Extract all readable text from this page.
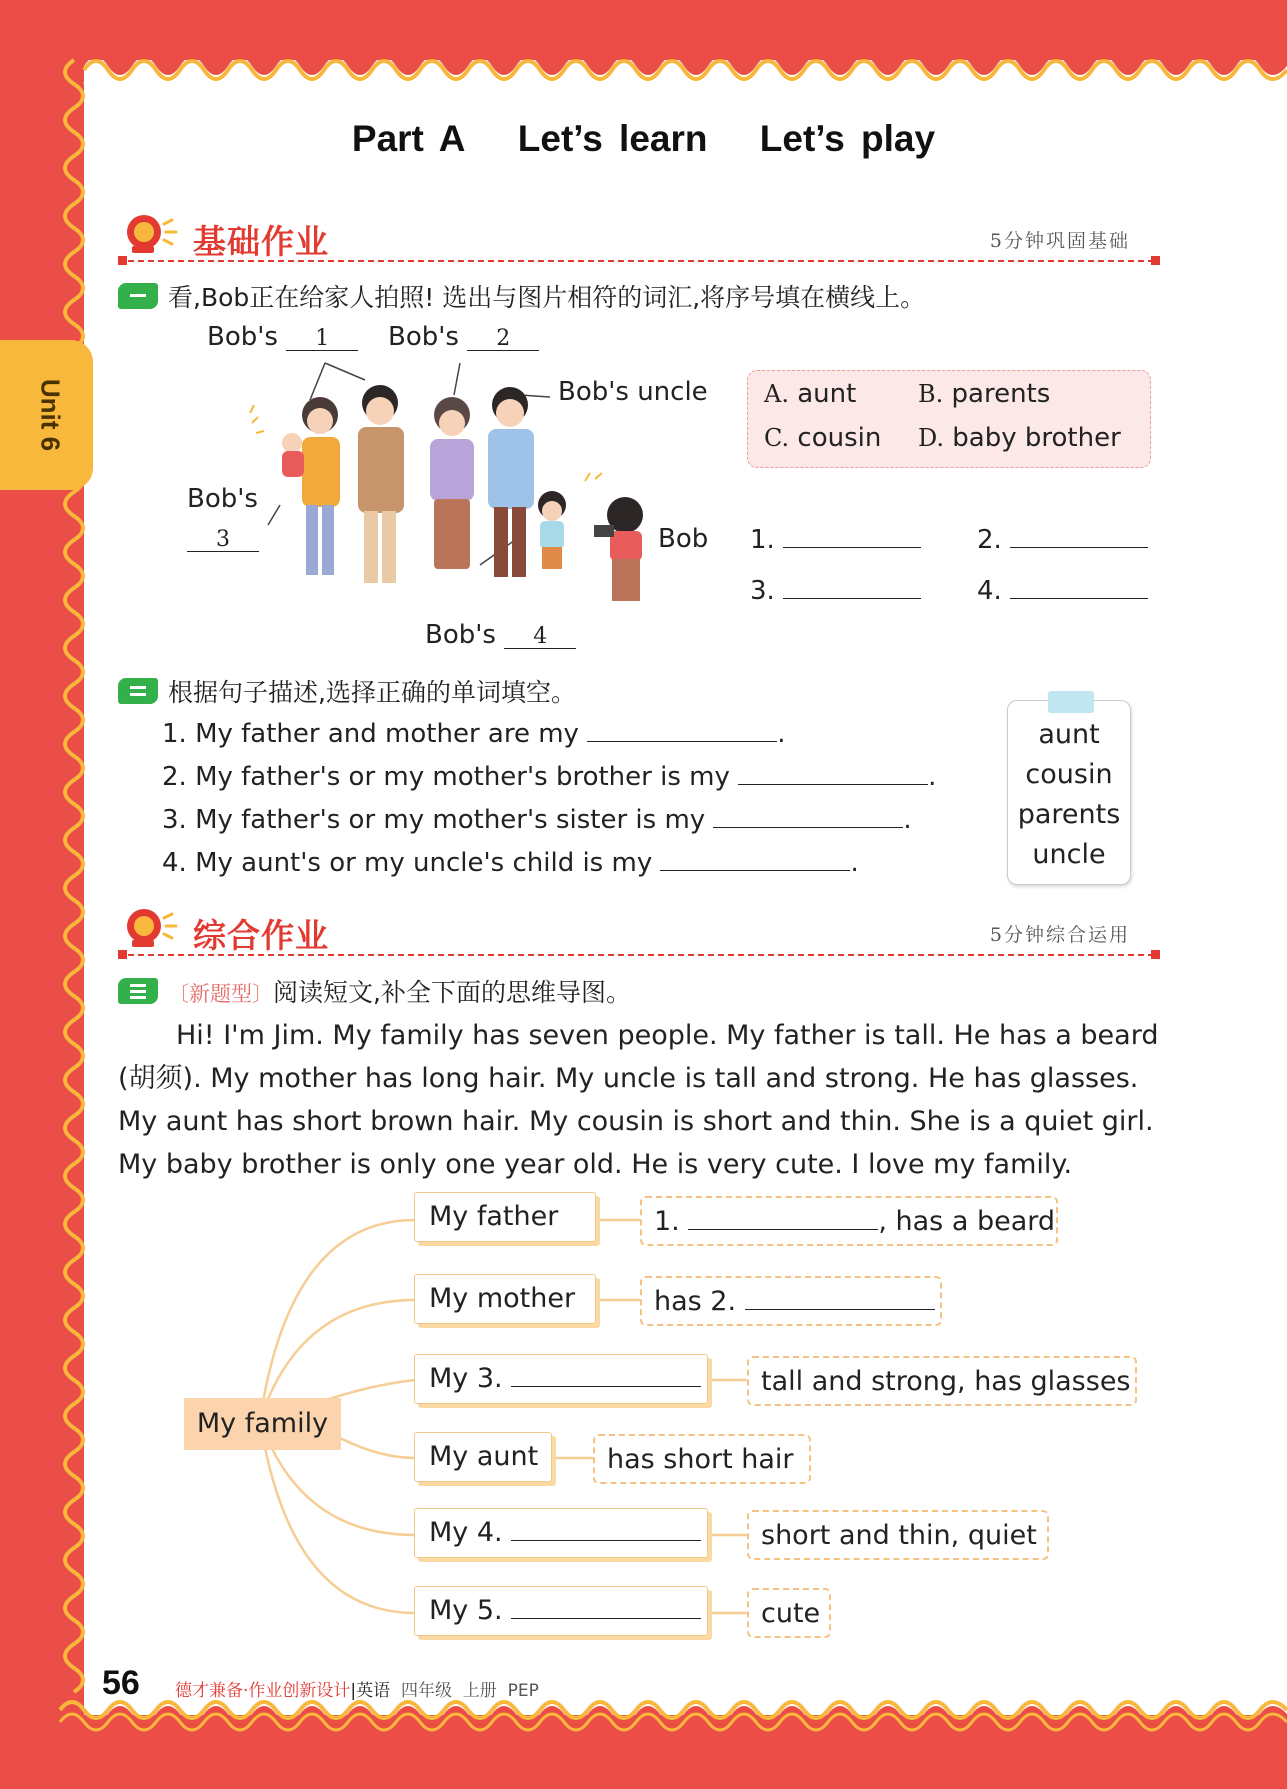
Unit 6
Part A Let’s learn Let’s play
基础作业	5分钟巩固基础
看,Bob正在给家人拍照! 选出与图片相符的词汇,将序号填在横线上。
Bob's 1	Bob's 2
Bob's uncle
Bob's
3	Bob
Bob's 4
A. aunt	B. parents
C. cousin D. baby brother
1.	2.
3.	4.
根据句子描述,选择正确的单词填空。
1. My father and mother are my	.
2. My father's or my mother's brother is my	.
3. My father's or my mother's sister is my	.
4. My aunt's or my uncle's child is my	.
aunt
cousin
parents
uncle
综合作业	5分钟综合运用
〔新题型〕阅读短文,补全下面的思维导图。
Hi! I'm Jim. My family has seven people. My father is tall. He has a beard
(胡须). My mother has long hair. My uncle is tall and strong. He has glasses.
My aunt has short brown hair. My cousin is short and thin. She is a quiet girl.
My baby brother is only one year old. He is very cute. I love my family.
My family
My father	1.	, has a beard
My mother	has 2.
My 3.	tall and strong, has glasses
My aunt	has short hair
My 4.	short and thin, quiet
My 5.	cute
56 德才兼备·作业创新设计|英语 四年级 上册 PEP
